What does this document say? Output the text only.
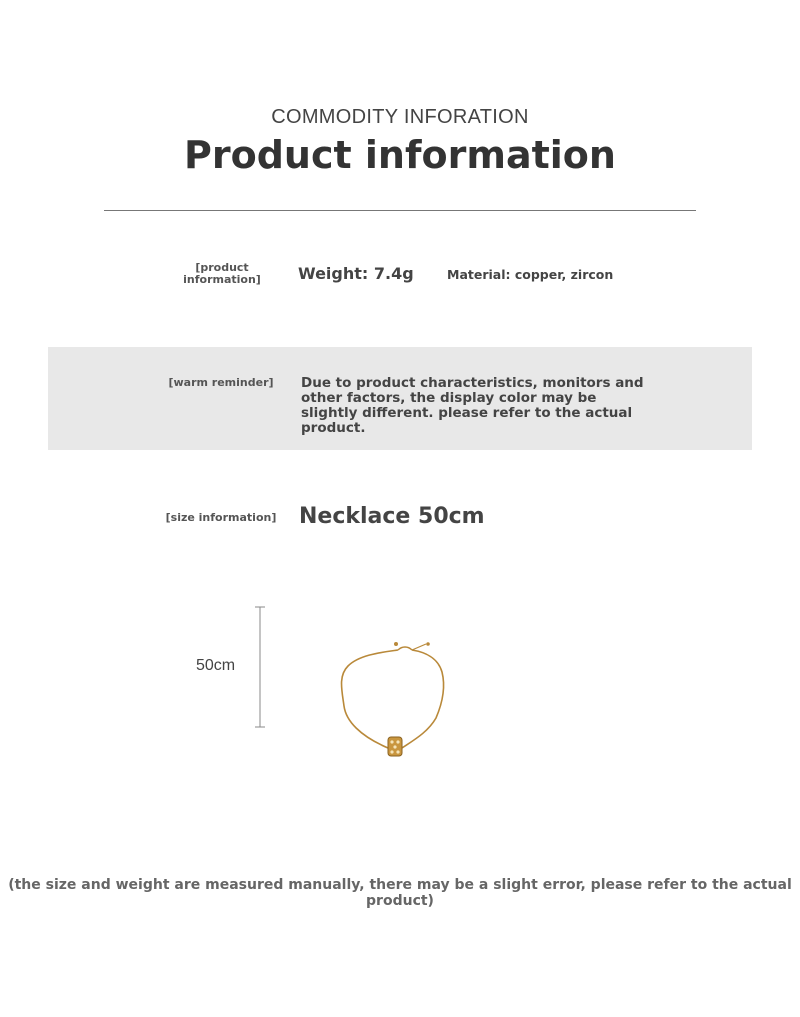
COMMODITY INFORATION
Product information
[product information]	Weight: 7.4g	Material: copper, zircon
[warm reminder]	Due to product characteristics, monitors and other factors, the display color may be slightly different. please refer to the actual product.
[size information] Necklace 50cm
50cm
(the size and weight are measured manually, there may be a slight error, please refer to the actual product)
